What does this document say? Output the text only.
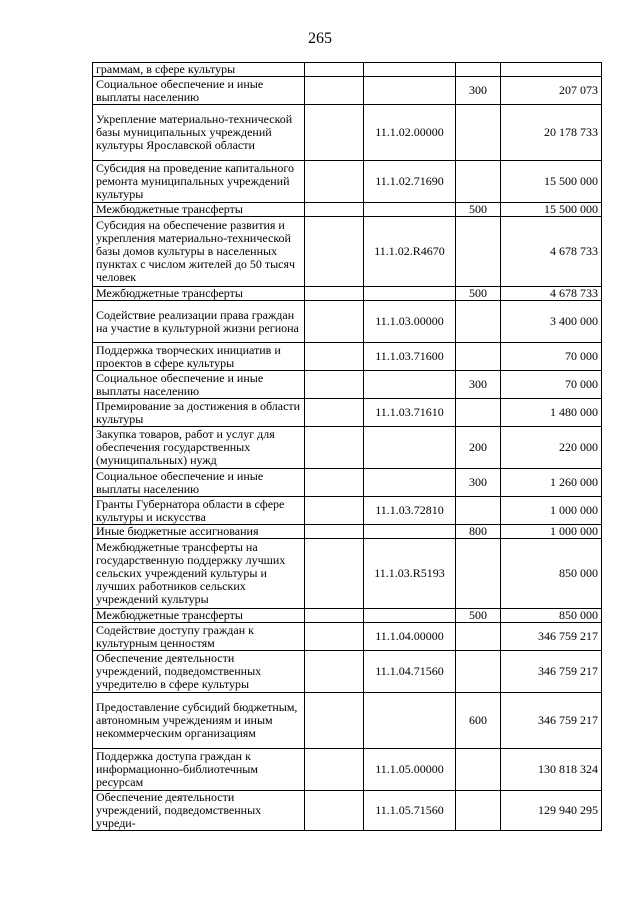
265
граммам, в сфере культуры				
Социальное обеспечение и иные выплаты населению			300	207 073
Укрепление материально-технической базы муниципальных учреждений культуры Ярославской области		11.1.02.00000		20 178 733
Субсидия на проведение капитального ремонта муниципальных учреждений культуры		11.1.02.71690		15 500 000
Межбюджетные трансферты			500	15 500 000
Субсидия на обеспечение развития и укрепления материально-технической базы домов культуры в населенных пунктах с числом жителей до 50 тысяч человек		11.1.02.R4670		4 678 733
Межбюджетные трансферты			500	4 678 733
Содействие реализации права граждан на участие в культурной жизни региона		11.1.03.00000		3 400 000
Поддержка творческих инициатив и проектов в сфере культуры		11.1.03.71600		70 000
Социальное обеспечение и иные выплаты населению			300	70 000
Премирование за достижения в области культуры		11.1.03.71610		1 480 000
Закупка товаров, работ и услуг для обеспечения государственных (муниципальных) нужд			200	220 000
Социальное обеспечение и иные выплаты населению			300	1 260 000
Гранты Губернатора области в сфере культуры и искусства		11.1.03.72810		1 000 000
Иные бюджетные ассигнования			800	1 000 000
Межбюджетные трансферты на государственную поддержку лучших сельских учреждений культуры и лучших работников сельских учреждений культуры		11.1.03.R5193		850 000
Межбюджетные трансферты			500	850 000
Содействие доступу граждан к культурным ценностям		11.1.04.00000		346 759 217
Обеспечение деятельности учреждений, подведомственных учредителю в сфере культуры		11.1.04.71560		346 759 217
Предоставление субсидий бюджетным, автономным учреждениям и иным некоммерческим организациям			600	346 759 217
Поддержка доступа граждан к информационно-библиотечным ресурсам		11.1.05.00000		130 818 324
Обеспечение деятельности учреждений, подведомственных учреди-		11.1.05.71560		129 940 295
